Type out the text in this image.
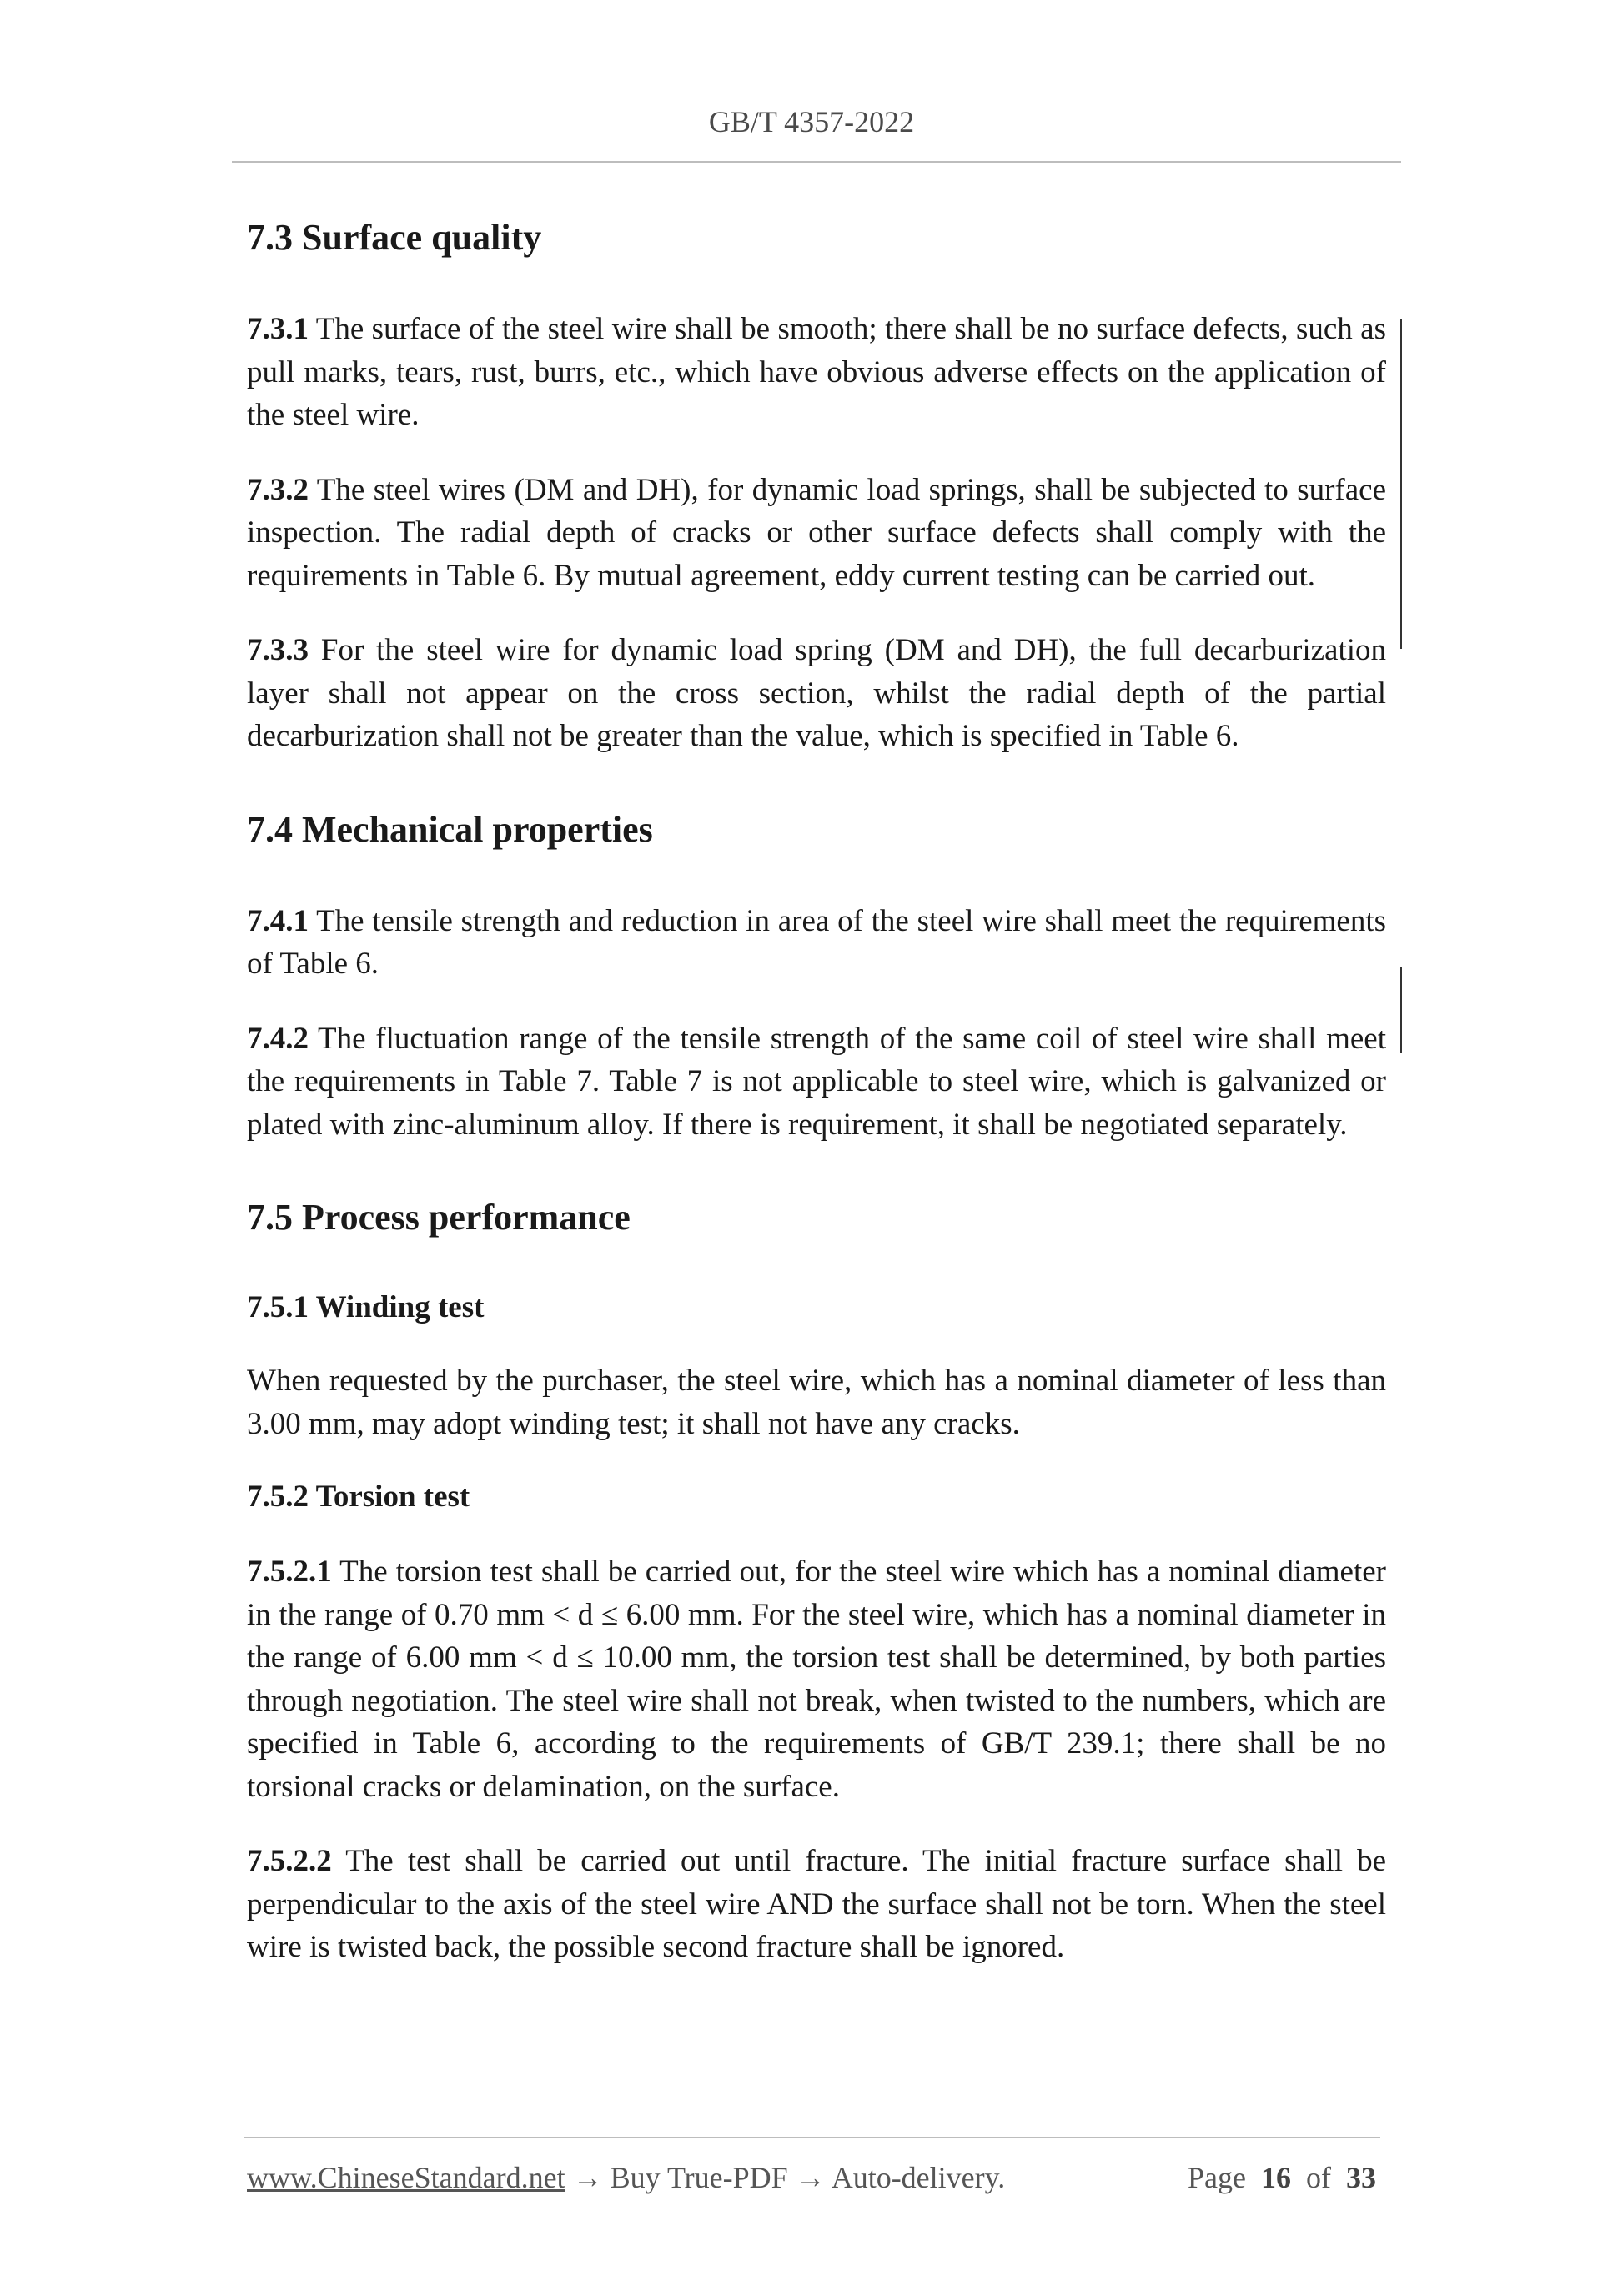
GB/T 4357-2022
7.3 Surface quality

7.3.1 The surface of the steel wire shall be smooth; there shall be no surface defects, such as pull marks, tears, rust, burrs, etc., which have obvious adverse effects on the application of the steel wire.

7.3.2 The steel wires (DM and DH), for dynamic load springs, shall be subjected to surface inspection. The radial depth of cracks or other surface defects shall comply with the requirements in Table 6. By mutual agreement, eddy current testing can be carried out.

7.3.3 For the steel wire for dynamic load spring (DM and DH), the full decarburization layer shall not appear on the cross section, whilst the radial depth of the partial decarburization shall not be greater than the value, which is specified in Table 6.

7.4 Mechanical properties

7.4.1 The tensile strength and reduction in area of the steel wire shall meet the requirements of Table 6.

7.4.2 The fluctuation range of the tensile strength of the same coil of steel wire shall meet the requirements in Table 7. Table 7 is not applicable to steel wire, which is galvanized or plated with zinc-aluminum alloy. If there is requirement, it shall be negotiated separately.

7.5 Process performance
7.5.1 Winding test

When requested by the purchaser, the steel wire, which has a nominal diameter of less than 3.00 mm, may adopt winding test; it shall not have any cracks.

7.5.2 Torsion test

7.5.2.1 The torsion test shall be carried out, for the steel wire which has a nominal diameter in the range of 0.70 mm < d ≤ 6.00 mm. For the steel wire, which has a nominal diameter in the range of 6.00 mm < d ≤ 10.00 mm, the torsion test shall be determined, by both parties through negotiation. The steel wire shall not break, when twisted to the numbers, which are specified in Table 6, according to the requirements of GB/T 239.1; there shall be no torsional cracks or delamination, on the surface.

7.5.2.2 The test shall be carried out until fracture. The initial fracture surface shall be perpendicular to the axis of the steel wire AND the surface shall not be torn. When the steel wire is twisted back, the possible second fracture shall be ignored.

www.ChineseStandard.net → Buy True-PDF → Auto-delivery.	Page 16 of 33
